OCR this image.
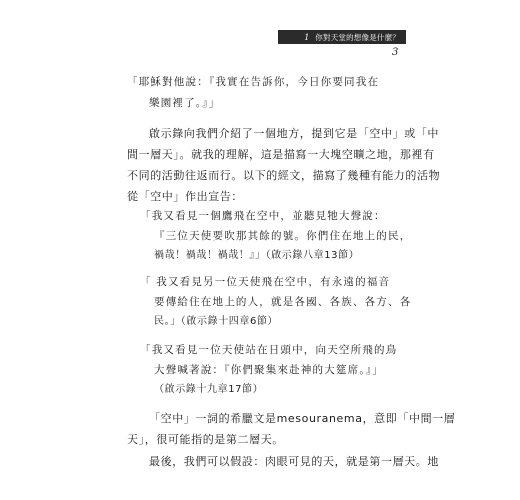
1 你對天堂的想像是什麼？
3
「耶穌對他說：『我實在告訴你，今日你要同我在
樂園裡了。』」
啟示錄向我們介紹了一個地方，提到它是「空中」或「中
間一層天」。就我的理解，這是描寫一大塊空曠之地，那裡有
不同的活動往返而行。以下的經文，描寫了幾種有能力的活物
從「空中」作出宣告：
「我又看見一個鷹飛在空中，並聽見牠大聲說：
『三位天使要吹那其餘的號。你們住在地上的民，
禍哉！禍哉！禍哉！』」（啟示錄八章13節）
「 我又看見另一位天使飛在空中，有永遠的福音
要傳給住在地上的人，就是各國、各族、各方、各
民。」（啟示錄十四章6節）
「我又看見一位天使站在日頭中，向天空所飛的鳥
大聲喊著說：『你們聚集來赴神的大筵席。』」
（啟示錄十九章17節）
「空中」一詞的希臘文是mesouranema，意即「中間一層
天」，很可能指的是第二層天。
最後，我們可以假設：肉眼可見的天，就是第一層天。地
